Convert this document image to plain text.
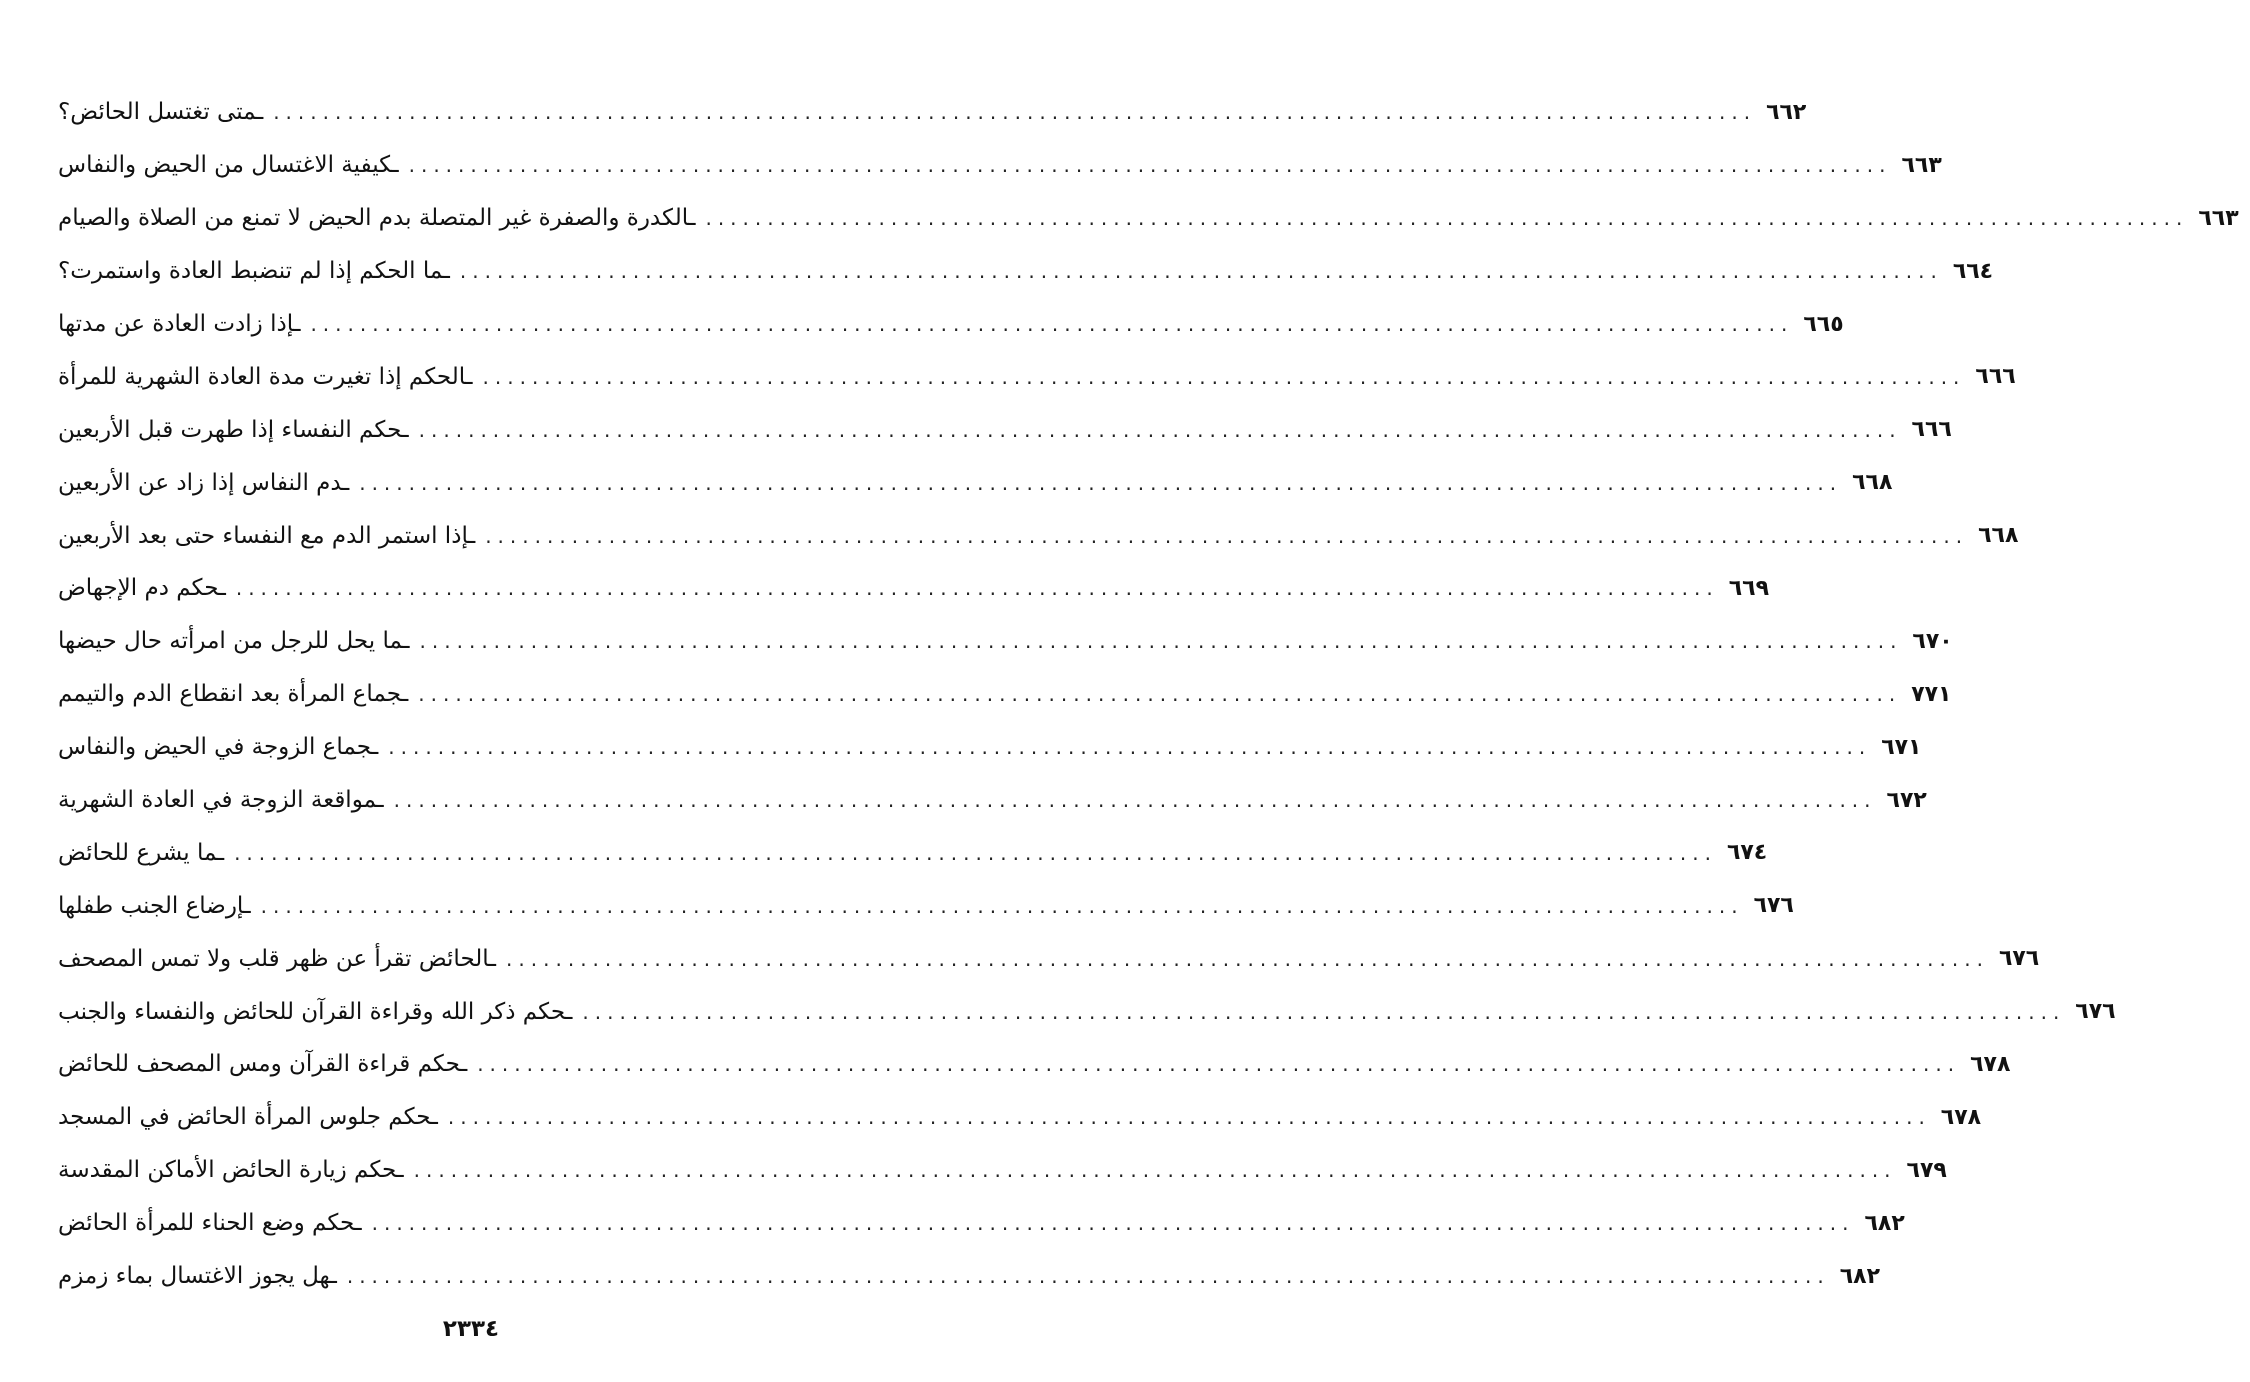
ـمتى تغتسل الحائض؟ ........................................................................................................................ ٦٦٢
ـكيفية الاغتسال من الحيض والنفاس ........................................................................................................................ ٦٦٣
ـالكدرة والصفرة غير المتصلة بدم الحيض لا تمنع من الصلاة والصيام ........................................................................................................................ ٦٦٣
ـما الحكم إذا لم تنضبط العادة واستمرت؟ ........................................................................................................................ ٦٦٤
ـإذا زادت العادة عن مدتها ........................................................................................................................ ٦٦٥
ـالحكم إذا تغيرت مدة العادة الشهرية للمرأة ........................................................................................................................ ٦٦٦
ـحكم النفساء إذا طهرت قبل الأربعين ........................................................................................................................ ٦٦٦
ـدم النفاس إذا زاد عن الأربعين ........................................................................................................................ ٦٦٨
ـإذا استمر الدم مع النفساء حتى بعد الأربعين ........................................................................................................................ ٦٦٨
ـحكم دم الإجهاض ........................................................................................................................ ٦٦٩
ـما يحل للرجل من امرأته حال حيضها ........................................................................................................................ ٦٧٠
ـجماع المرأة بعد انقطاع الدم والتيمم ........................................................................................................................ ٧٧١
ـجماع الزوجة في الحيض والنفاس ........................................................................................................................ ٦٧١
ـمواقعة الزوجة في العادة الشهرية ........................................................................................................................ ٦٧٢
ـما يشرع للحائض ........................................................................................................................ ٦٧٤
ـإرضاع الجنب طفلها ........................................................................................................................ ٦٧٦
ـالحائض تقرأ عن ظهر قلب ولا تمس المصحف ........................................................................................................................ ٦٧٦
ـحكم ذكر الله وقراءة القرآن للحائض والنفساء والجنب ........................................................................................................................ ٦٧٦
ـحكم قراءة القرآن ومس المصحف للحائض ........................................................................................................................ ٦٧٨
ـحكم جلوس المرأة الحائض في المسجد ........................................................................................................................ ٦٧٨
ـحكم زيارة الحائض الأماكن المقدسة ........................................................................................................................ ٦٧٩
ـحكم وضع الحناء للمرأة الحائض ........................................................................................................................ ٦٨٢
ـهل يجوز الاغتسال بماء زمزم ........................................................................................................................ ٦٨٢
٢٣٣٤
